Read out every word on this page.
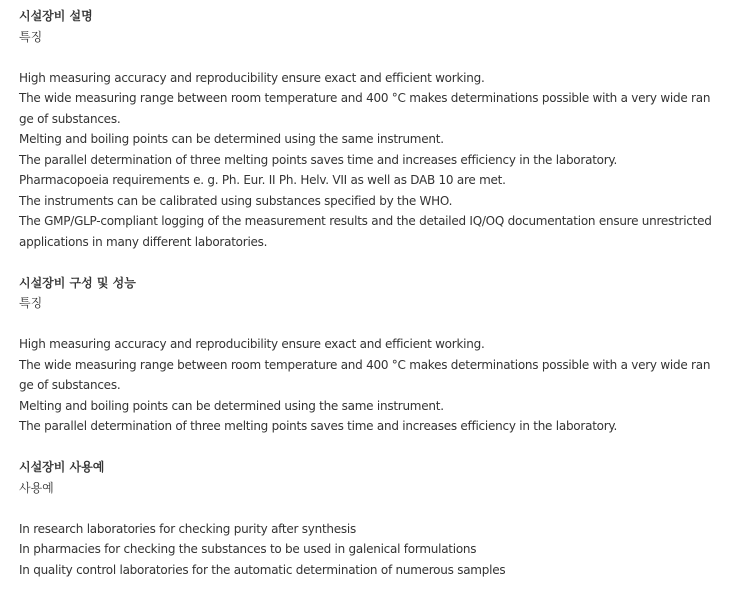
시설장비 설명
특징
High measuring accuracy and reproducibility ensure exact and efficient working.
The wide measuring range between room temperature and 400 °C makes determinations possible with a very wide range of substances.
Melting and boiling points can be determined using the same instrument.
The parallel determination of three melting points saves time and increases efficiency in the laboratory.
Pharmacopoeia requirements e. g. Ph. Eur. II Ph. Helv. VII as well as DAB 10 are met.
The instruments can be calibrated using substances specified by the WHO.
The GMP/GLP-compliant logging of the measurement results and the detailed IQ/OQ documentation ensure unrestricted applications in many different laboratories.
시설장비 구성 및 성능
특징
High measuring accuracy and reproducibility ensure exact and efficient working.
The wide measuring range between room temperature and 400 °C makes determinations possible with a very wide range of substances.
Melting and boiling points can be determined using the same instrument.
The parallel determination of three melting points saves time and increases efficiency in the laboratory.
시설장비 사용예
사용예
In research laboratories for checking purity after synthesis
In pharmacies for checking the substances to be used in galenical formulations
In quality control laboratories for the automatic determination of numerous samples
